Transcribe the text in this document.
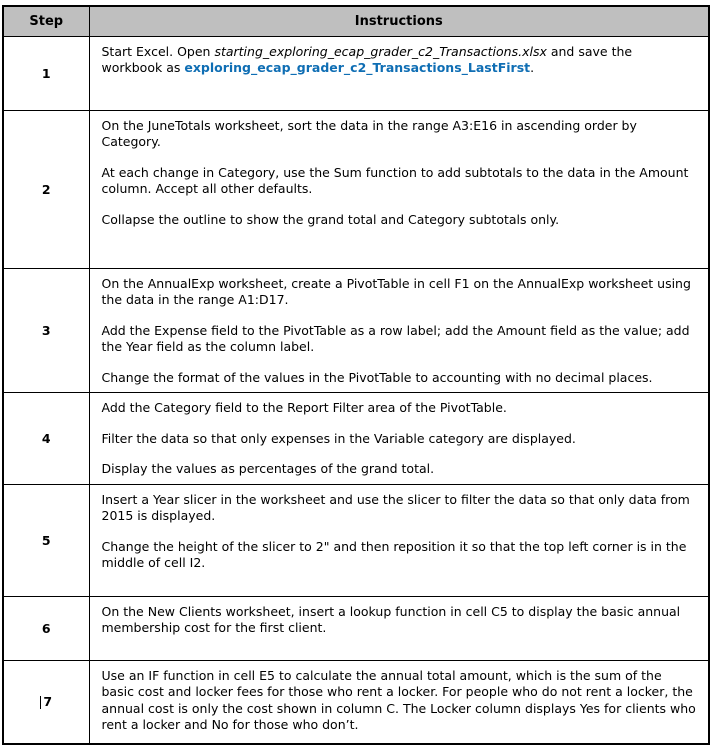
Step	Instructions
1	Start Excel. Open starting_exploring_ecap_grader_c2_Transactions.xlsx and save the workbook as exploring_ecap_grader_c2_Transactions_LastFirst.

2	On the JuneTotals worksheet, sort the data in the range A3:E16 in ascending order by Category.

At each change in Category, use the Sum function to add subtotals to the data in the Amount column. Accept all other defaults.

Collapse the outline to show the grand total and Category subtotals only.

3	On the AnnualExp worksheet, create a PivotTable in cell F1 on the AnnualExp worksheet using the data in the range A1:D17.

Add the Expense field to the PivotTable as a row label; add the Amount field as the value; add the Year field as the column label.

Change the format of the values in the PivotTable to accounting with no decimal places.

4	Add the Category field to the Report Filter area of the PivotTable.

Filter the data so that only expenses in the Variable category are displayed.

Display the values as percentages of the grand total.

5	Insert a Year slicer in the worksheet and use the slicer to filter the data so that only data from 2015 is displayed.

Change the height of the slicer to 2" and then reposition it so that the top left corner is in the middle of cell I2.

6	On the New Clients worksheet, insert a lookup function in cell C5 to display the basic annual membership cost for the first client.

7	Use an IF function in cell E5 to calculate the annual total amount, which is the sum of the basic cost and locker fees for those who rent a locker. For people who do not rent a locker, the annual cost is only the cost shown in column C. The Locker column displays Yes for clients who rent a locker and No for those who don’t.
